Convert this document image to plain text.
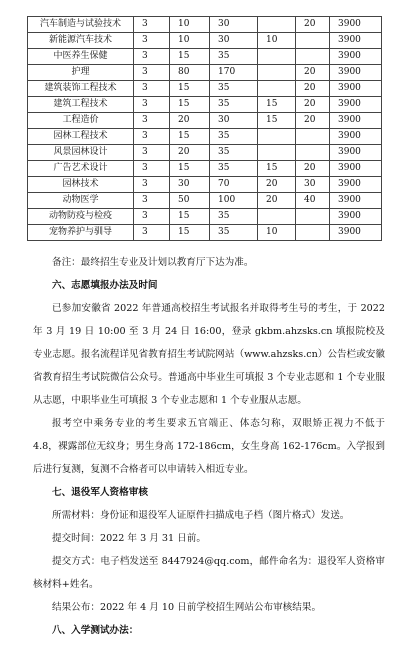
汽车制造与试验技术	3	10	30		20	3900
新能源汽车技术	3	10	30	10		3900
中医养生保健	3	15	35			3900
护理	3	80	170		20	3900
建筑装饰工程技术	3	15	35		20	3900
建筑工程技术	3	15	35	15	20	3900
工程造价	3	20	30	15	20	3900
园林工程技术	3	15	35			3900
风景园林设计	3	20	35			3900
广告艺术设计	3	15	35	15	20	3900
园林技术	3	30	70	20	30	3900
动物医学	3	50	100	20	40	3900
动物防疫与检疫	3	15	35			3900
宠物养护与驯导	3	15	35	10		3900

备注：最终招生专业及计划以教育厅下达为准。

六、志愿填报办法及时间

已参加安徽省 2022 年普通高校招生考试报名并取得考生号的考生，于 2022 年 3 月 19 日 10:00 至 3 月 24 日 16:00，登录 gkbm.ahzsks.cn 填报院校及专业志愿。报名流程详见省教育招生考试院网站（www.ahzsks.cn）公告栏或安徽省教育招生考试院微信公众号。普通高中毕业生可填报 3 个专业志愿和 1 个专业服从志愿，中职毕业生可填报 3 个专业志愿和 1 个专业服从志愿。

报考空中乘务专业的考生要求五官端正、体态匀称，双眼矫正视力不低于 4.8，裸露部位无纹身；男生身高 172-186cm，女生身高 162-176cm。入学报到后进行复测，复测不合格者可以申请转入相近专业。

七、退役军人资格审核

所需材料：身份证和退役军人证原件扫描成电子档（图片格式）发送。

提交时间：2022 年 3 月 31 日前。

提交方式：电子档发送至 844792⁠4@qq.com，邮件命名为：退役军人资格审核材料+姓名。

结果公布：2022 年 4 月 10 日前学校招生网站公布审核结果。

八、入学测试办法：
